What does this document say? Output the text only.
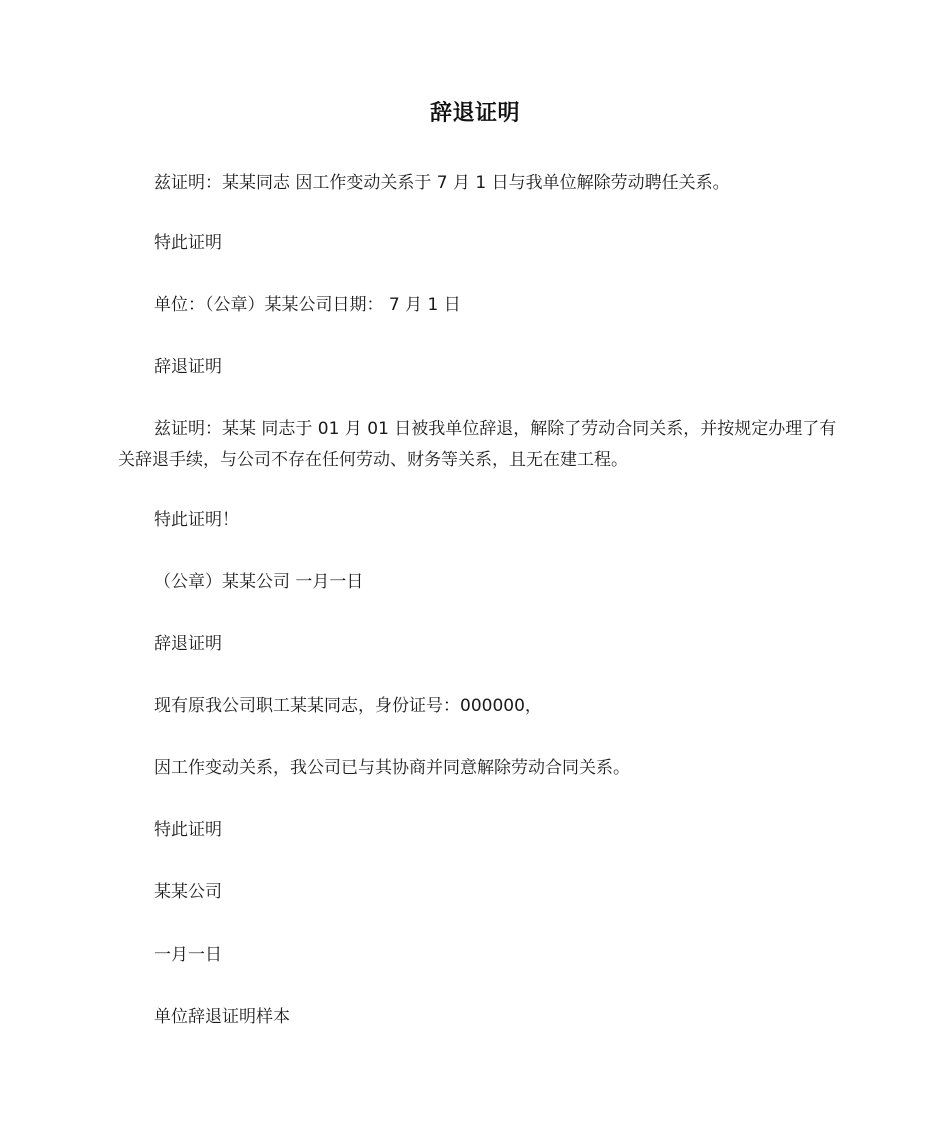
辞退证明

兹证明：某某同志 因工作变动关系于 7 月 1 日与我单位解除劳动聘任关系。

特此证明

单位：（公章）某某公司日期： 7 月 1 日

辞退证明

兹证明：某某 同志于 01 月 01 日被我单位辞退，解除了劳动合同关系，并按规定办理了有关辞退手续，与公司不存在任何劳动、财务等关系，且无在建工程。

特此证明！

（公章）某某公司 一月一日

辞退证明

现有原我公司职工某某同志，身份证号：000000，

因工作变动关系，我公司已与其协商并同意解除劳动合同关系。

特此证明

某某公司

一月一日

单位辞退证明样本
